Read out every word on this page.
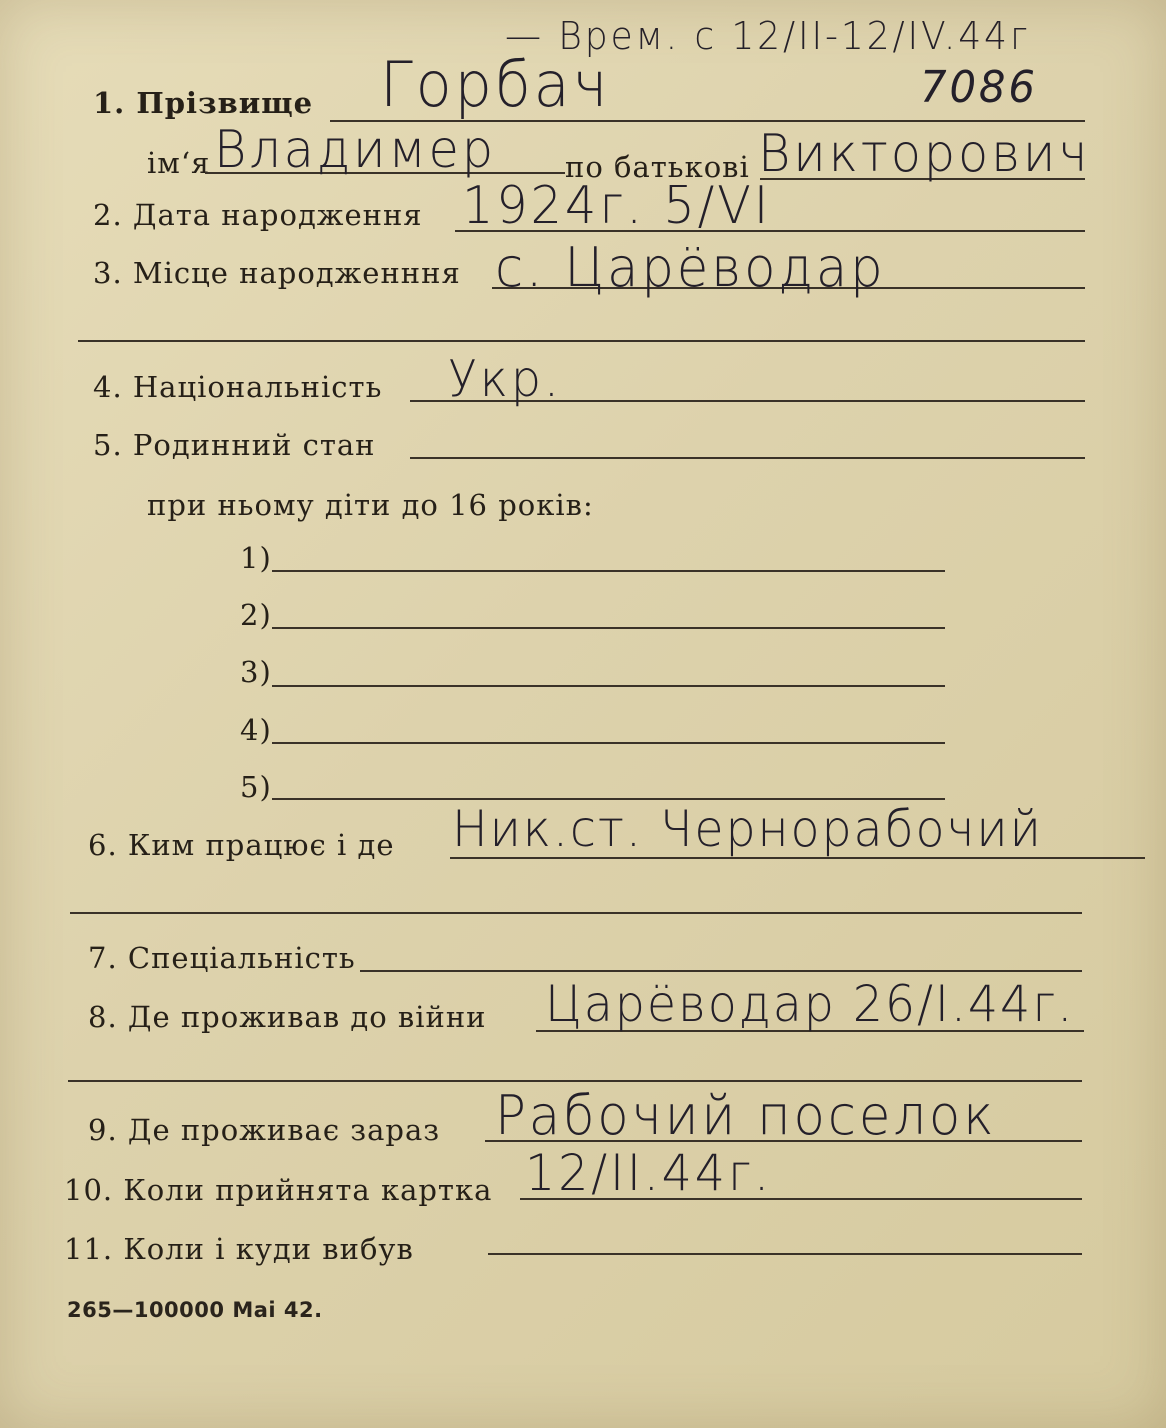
— Врем. с 12/II-12/IV.44г
7086
1. Прізвище Горбач
ім‘я Владимер по батькові Викторович
2. Дата народження 1924г. 5/VI
3. Місце народженння с. Царёводар
4. Національність Укр.
5. Родинний стан
при ньому діти до 16 років:
1)
2)
3)
4)
5)
6. Ким працює і де Ник.ст. Чернорабочий
7. Спеціальність
8. Де проживав до війни Царёводар 26/I.44г.
9. Де проживає зараз Рабочий поселок
10. Коли прийнята картка 12/II.44г.
11. Коли і куди вибув
265—100000 Mai 42.
